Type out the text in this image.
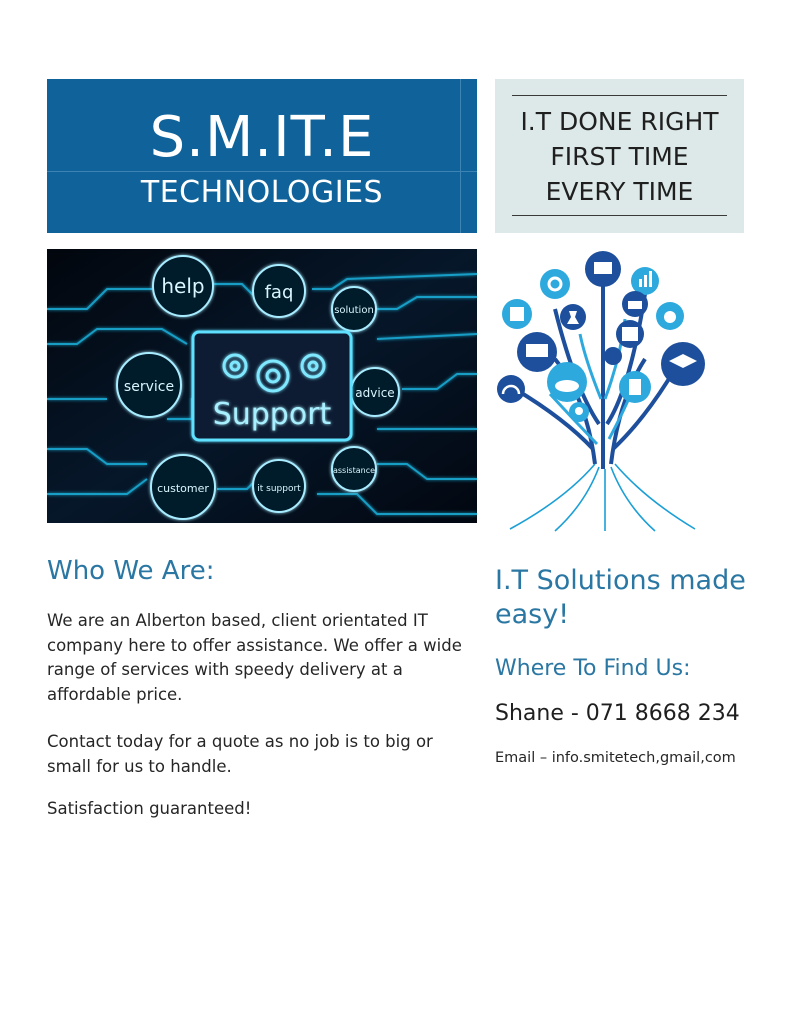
S.M.IT.E
TECHNOLOGIES
I.T DONE RIGHT
FIRST TIME
EVERY TIME
help	faq
solution
service	advice
customer	it support
assistance
Support
Who We Are:
We are an Alberton based, client orientated IT company here to offer assistance. We offer a wide range of services with speedy delivery at a affordable price.
Contact today for a quote as no job is to big or small for us to handle.
Satisfaction guaranteed!
I.T Solutions made easy!
Where To Find Us:
Shane - 071 8668 234
Email – info.smitetech,gmail,com
